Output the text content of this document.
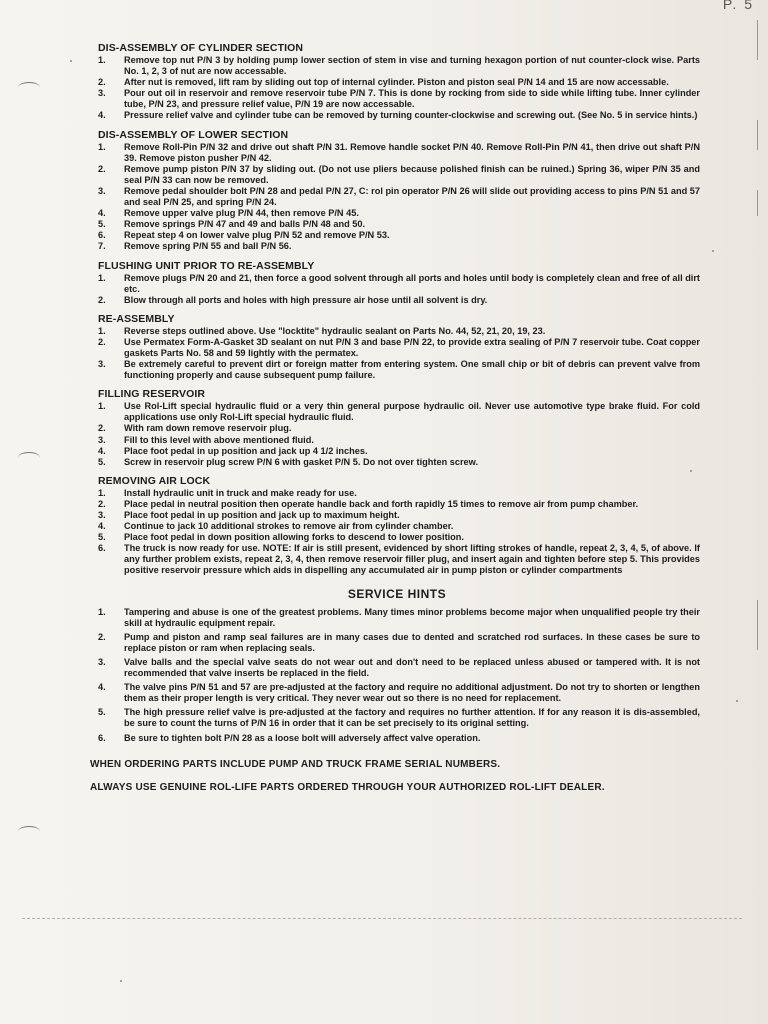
P. 5
DIS-ASSEMBLY OF CYLINDER SECTION
1.	Remove top nut P/N 3 by holding pump lower section of stem in vise and turning hexagon portion of nut counter-clock wise. Parts No. 1, 2, 3 of nut are now accessable.
2.	After nut is removed, lift ram by sliding out top of internal cylinder. Piston and piston seal P/N 14 and 15 are now accessable.
3.	Pour out oil in reservoir and remove reservoir tube P/N 7. This is done by rocking from side to side while lifting tube. Inner cylinder tube, P/N 23, and pressure relief value, P/N 19 are now accessable.
4.	Pressure relief valve and cylinder tube can be removed by turning counter-clockwise and screwing out. (See No. 5 in service hints.)
DIS-ASSEMBLY OF LOWER SECTION
1.	Remove Roll-Pin P/N 32 and drive out shaft P/N 31. Remove handle socket P/N 40. Remove Roll-Pin P/N 41, then drive out shaft P/N 39. Remove piston pusher P/N 42.
2.	Remove pump piston P/N 37 by sliding out. (Do not use pliers because polished finish can be ruined.) Spring 36, wiper P/N 35 and seal P/N 33 can now be removed.
3.	Remove pedal shoulder bolt P/N 28 and pedal P/N 27, C: rol pin operator P/N 26 will slide out providing access to pins P/N 51 and 57 and seal P/N 25, and spring P/N 24.
4.	Remove upper valve plug P/N 44, then remove P/N 45.
5.	Remove springs P/N 47 and 49 and balls P/N 48 and 50.
6.	Repeat step 4 on lower valve plug P/N 52 and remove P/N 53.
7.	Remove spring P/N 55 and ball P/N 56.
FLUSHING UNIT PRIOR TO RE-ASSEMBLY
1.	Remove plugs P/N 20 and 21, then force a good solvent through all ports and holes until body is completely clean and free of all dirt etc.
2.	Blow through all ports and holes with high pressure air hose until all solvent is dry.
RE-ASSEMBLY
1.	Reverse steps outlined above. Use "locktite" hydraulic sealant on Parts No. 44, 52, 21, 20, 19, 23.
2.	Use Permatex Form-A-Gasket 3D sealant on nut P/N 3 and base P/N 22, to provide extra sealing of P/N 7 reservoir tube. Coat copper gaskets Parts No. 58 and 59 lightly with the permatex.
3.	Be extremely careful to prevent dirt or foreign matter from entering system. One small chip or bit of debris can prevent valve from functioning properly and cause subsequent pump failure.
FILLING RESERVOIR
1.	Use Rol-Lift special hydraulic fluid or a very thin general purpose hydraulic oil. Never use automotive type brake fluid. For cold applications use only Rol-Lift special hydraulic fluid.
2.	With ram down remove reservoir plug.
3.	Fill to this level with above mentioned fluid.
4.	Place foot pedal in up position and jack up 4 1/2 inches.
5.	Screw in reservoir plug screw P/N 6 with gasket P/N 5. Do not over tighten screw.
REMOVING AIR LOCK
1.	Install hydraulic unit in truck and make ready for use.
2.	Place pedal in neutral position then operate handle back and forth rapidly 15 times to remove air from pump chamber.
3.	Place foot pedal in up position and jack up to maximum height.
4.	Continue to jack 10 additional strokes to remove air from cylinder chamber.
5.	Place foot pedal in down position allowing forks to descend to lower position.
6.	The truck is now ready for use. NOTE: If air is still present, evidenced by short lifting strokes of handle, repeat 2, 3, 4, 5, of above. If any further problem exists, repeat 2, 3, 4, then remove reservoir filler plug, and insert again and tighten before step 5. This provides positive reservoir pressure which aids in dispelling any accumulated air in pump piston or cylinder compartments
SERVICE HINTS
1.	Tampering and abuse is one of the greatest problems. Many times minor problems become major when unqualified people try their skill at hydraulic equipment repair.
2.	Pump and piston and ramp seal failures are in many cases due to dented and scratched rod surfaces. In these cases be sure to replace piston or ram when replacing seals.
3.	Valve balls and the special valve seats do not wear out and don't need to be replaced unless abused or tampered with. It is not recommended that valve inserts be replaced in the field.
4.	The valve pins P/N 51 and 57 are pre-adjusted at the factory and require no additional adjustment. Do not try to shorten or lengthen them as their proper length is very critical. They never wear out so there is no need for replacement.
5.	The high pressure relief valve is pre-adjusted at the factory and requires no further attention. If for any reason it is dis-assembled, be sure to count the turns of P/N 16 in order that it can be set precisely to its original setting.
6.	Be sure to tighten bolt P/N 28 as a loose bolt will adversely affect valve operation.
WHEN ORDERING PARTS INCLUDE PUMP AND TRUCK FRAME SERIAL NUMBERS.
ALWAYS USE GENUINE ROL-LIFE PARTS ORDERED THROUGH YOUR AUTHORIZED ROL-LIFT DEALER.
